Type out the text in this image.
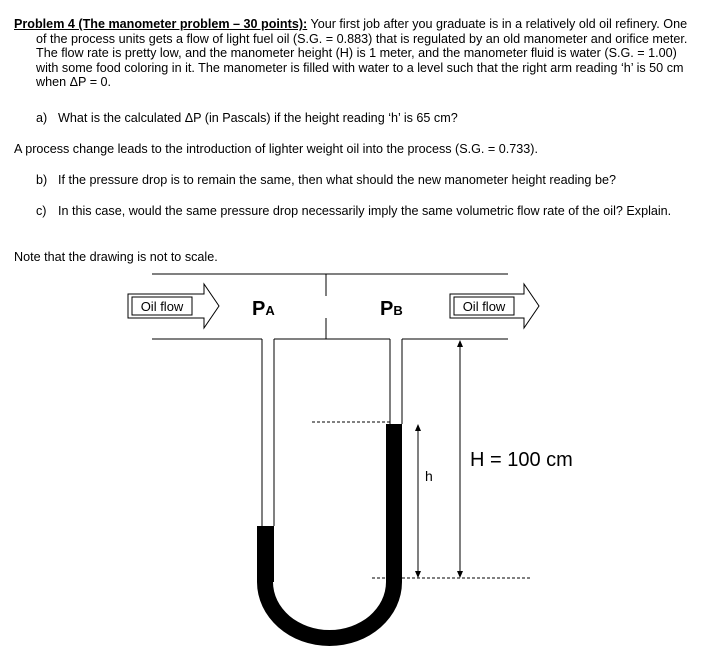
Problem 4 (The manometer problem – 30 points): Your first job after you graduate is in a relatively old oil refinery. One of the process units gets a flow of light fuel oil (S.G. = 0.883) that is regulated by an old manometer and orifice meter. The flow rate is pretty low, and the manometer height (H) is 1 meter, and the manometer fluid is water (S.G. = 1.00) with some food coloring in it. The manometer is filled with water to a level such that the right arm reading ‘h’ is 50 cm when ΔP = 0.
a) What is the calculated ΔP (in Pascals) if the height reading ‘h’ is 65 cm?
A process change leads to the introduction of lighter weight oil into the process (S.G. = 0.733).
b) If the pressure drop is to remain the same, then what should the new manometer height reading be?
c) In this case, would the same pressure drop necessarily imply the same volumetric flow rate of the oil? Explain.
Note that the drawing is not to scale.
Oil flow	Oil flow
PA	PB
h
H = 100 cm
